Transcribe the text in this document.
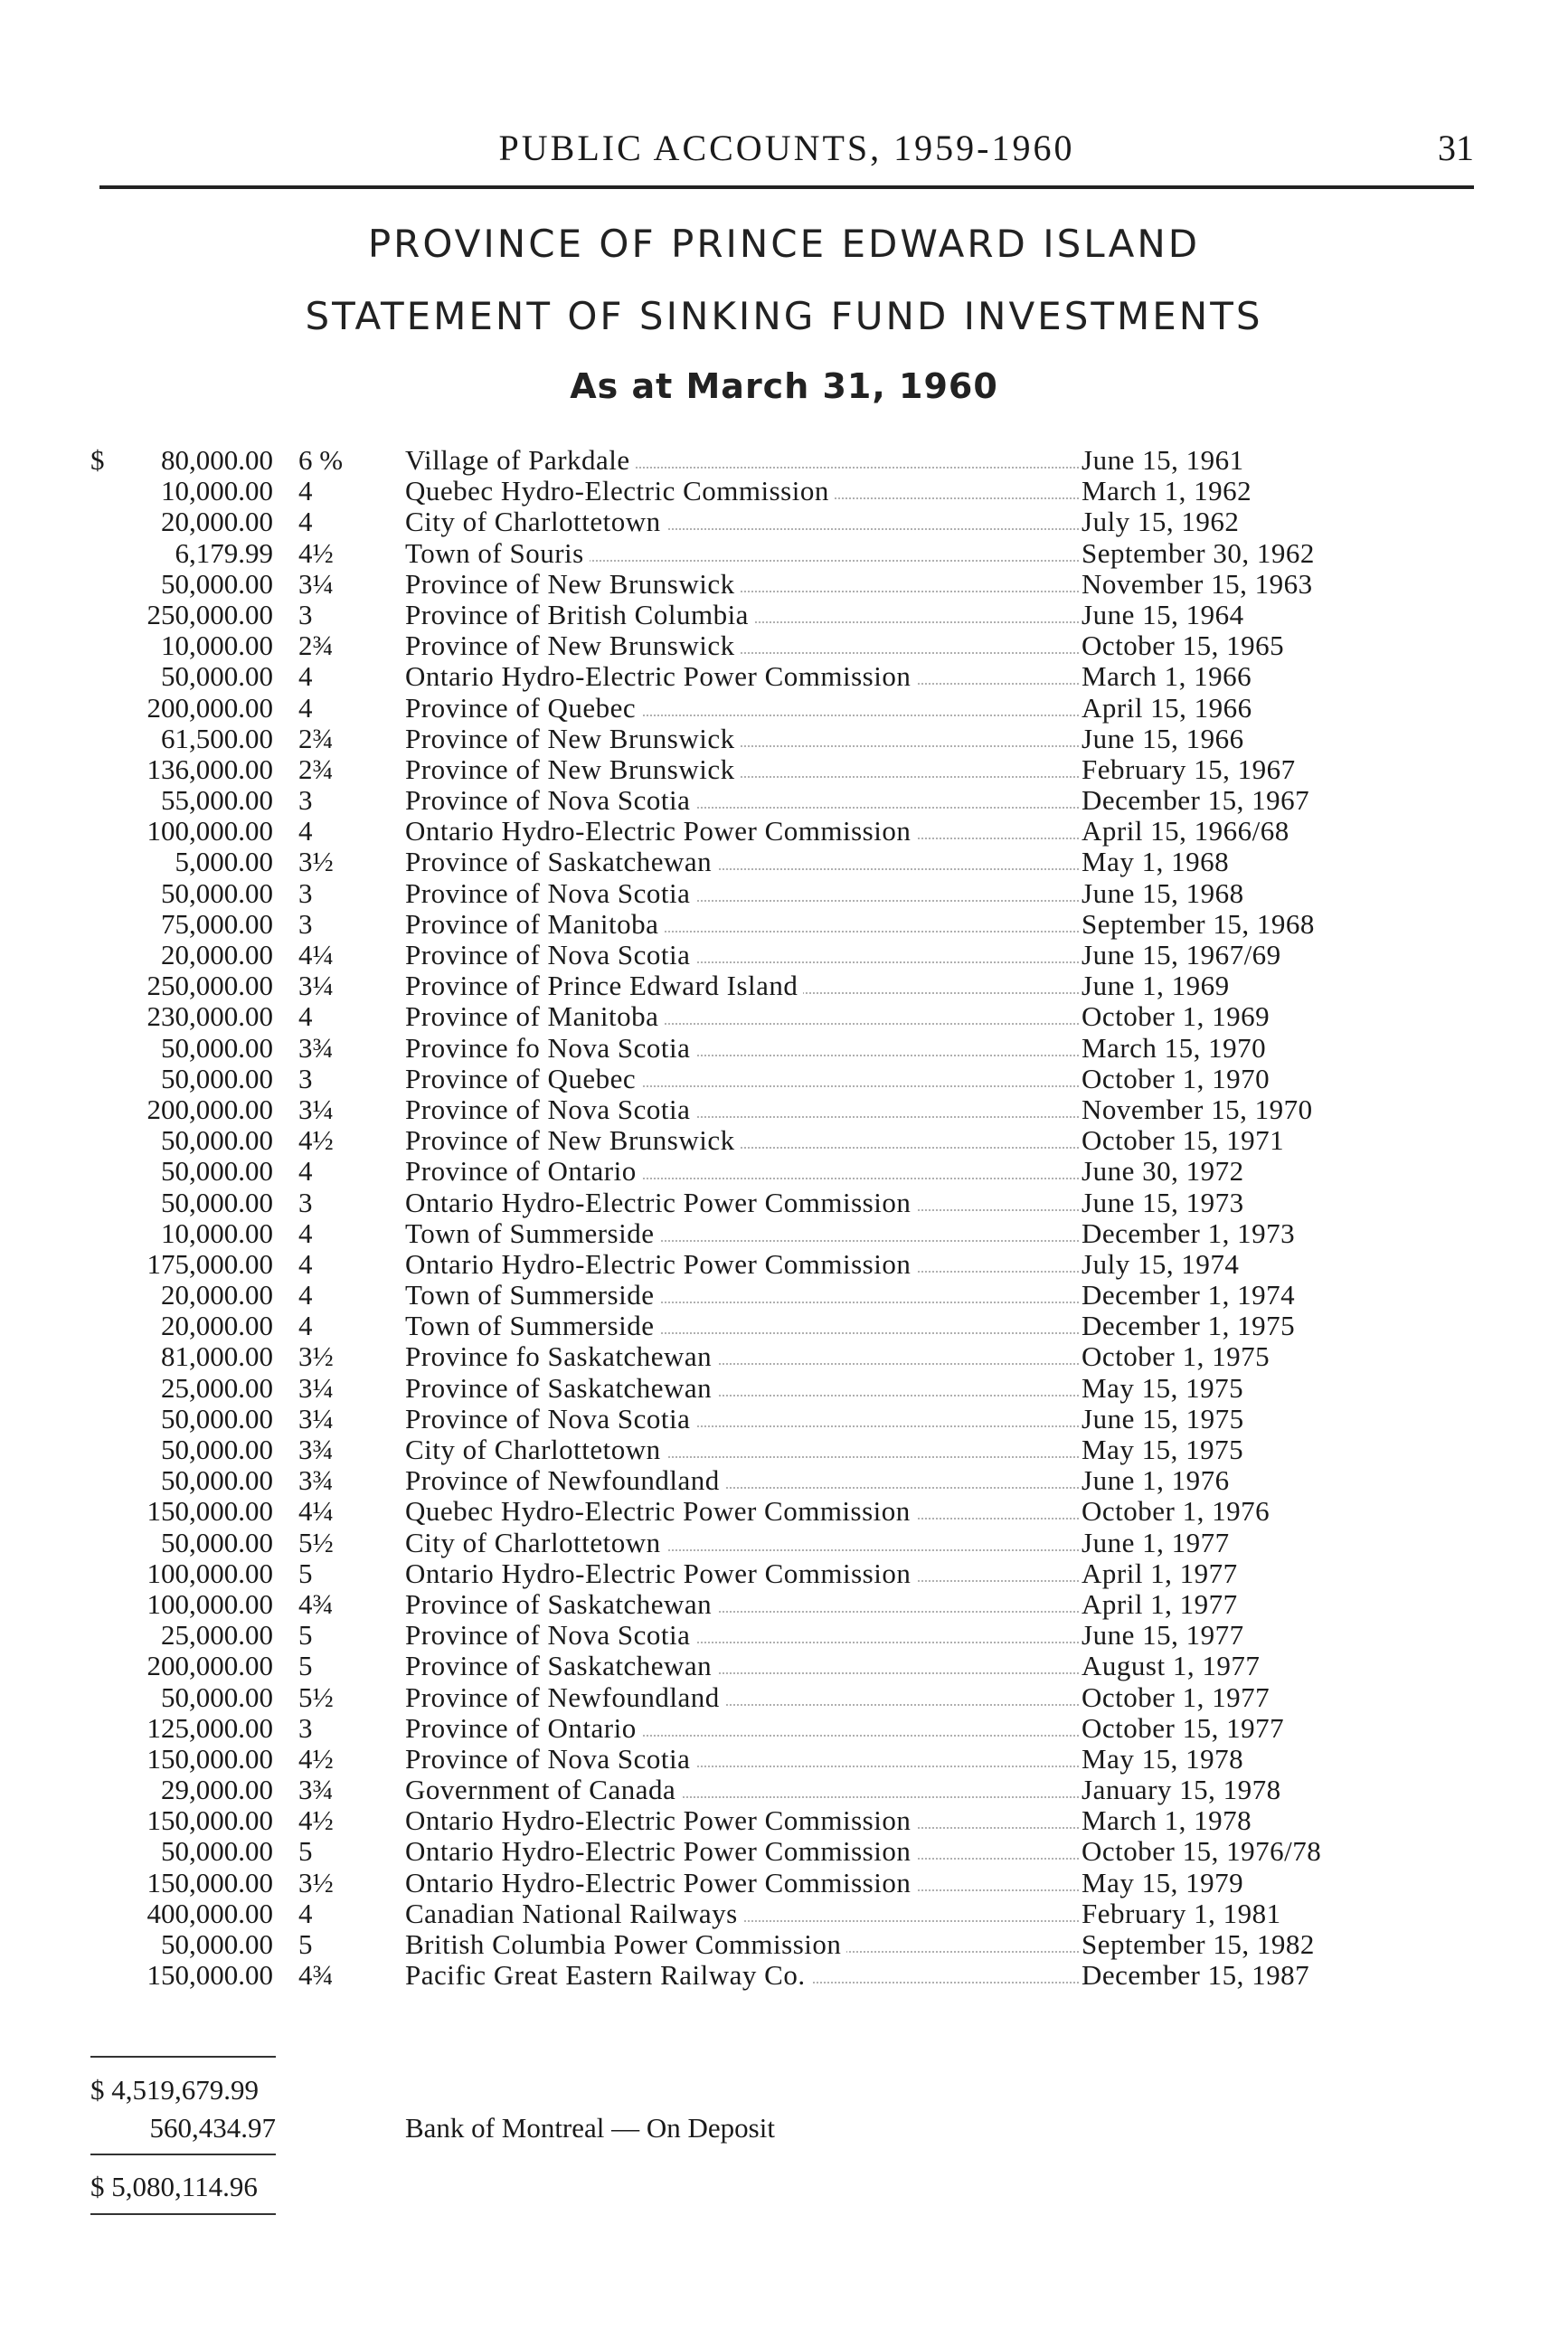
PUBLIC ACCOUNTS, 1959-1960	31
PROVINCE OF PRINCE EDWARD ISLAND
STATEMENT OF SINKING FUND INVESTMENTS
As at March 31, 1960
$ 80,000.00 6 % Village of Parkdale	June 15, 1961
10,000.00 4	Quebec Hydro-Electric Commission	March 1, 1962
20,000.00 4	City of Charlottetown	July 15, 1962
6,179.99 4½	Town of Souris	September 30, 1962
50,000.00 3¼	Province of New Brunswick	November 15, 1963
250,000.00 3	Province of British Columbia	June 15, 1964
10,000.00 2¾	Province of New Brunswick	October 15, 1965
50,000.00 4	Ontario Hydro-Electric Power Commission	March 1, 1966
200,000.00 4	Province of Quebec	April 15, 1966
61,500.00 2¾	Province of New Brunswick	June 15, 1966
136,000.00 2¾	Province of New Brunswick	February 15, 1967
55,000.00 3	Province of Nova Scotia	December 15, 1967
100,000.00 4	Ontario Hydro-Electric Power Commission	April 15, 1966/68
5,000.00 3½	Province of Saskatchewan	May 1, 1968
50,000.00 3	Province of Nova Scotia	June 15, 1968
75,000.00 3	Province of Manitoba	September 15, 1968
20,000.00 4¼	Province of Nova Scotia	June 15, 1967/69
250,000.00 3¼	Province of Prince Edward Island	June 1, 1969
230,000.00 4	Province of Manitoba	October 1, 1969
50,000.00 3¾	Province fo Nova Scotia	March 15, 1970
50,000.00 3	Province of Quebec	October 1, 1970
200,000.00 3¼	Province of Nova Scotia	November 15, 1970
50,000.00 4½	Province of New Brunswick	October 15, 1971
50,000.00 4	Province of Ontario	June 30, 1972
50,000.00 3	Ontario Hydro-Electric Power Commission	June 15, 1973
10,000.00 4	Town of Summerside	December 1, 1973
175,000.00 4	Ontario Hydro-Electric Power Commission	July 15, 1974
20,000.00 4	Town of Summerside	December 1, 1974
20,000.00 4	Town of Summerside	December 1, 1975
81,000.00 3½	Province fo Saskatchewan	October 1, 1975
25,000.00 3¼	Province of Saskatchewan	May 15, 1975
50,000.00 3¼	Province of Nova Scotia	June 15, 1975
50,000.00 3¾	City of Charlottetown	May 15, 1975
50,000.00 3¾	Province of Newfoundland	June 1, 1976
150,000.00 4¼	Quebec Hydro-Electric Power Commission	October 1, 1976
50,000.00 5½	City of Charlottetown	June 1, 1977
100,000.00 5	Ontario Hydro-Electric Power Commission	April 1, 1977
100,000.00 4¾	Province of Saskatchewan	April 1, 1977
25,000.00 5	Province of Nova Scotia	June 15, 1977
200,000.00 5	Province of Saskatchewan	August 1, 1977
50,000.00 5½	Province of Newfoundland	October 1, 1977
125,000.00 3	Province of Ontario	October 15, 1977
150,000.00 4½	Province of Nova Scotia	May 15, 1978
29,000.00 3¾	Government of Canada	January 15, 1978
150,000.00 4½	Ontario Hydro-Electric Power Commission	March 1, 1978
50,000.00 5	Ontario Hydro-Electric Power Commission	October 15, 1976/78
150,000.00 3½	Ontario Hydro-Electric Power Commission	May 15, 1979
400,000.00 4	Canadian National Railways	February 1, 1981
50,000.00 5	British Columbia Power Commission	September 15, 1982
150,000.00 4¾	Pacific Great Eastern Railway Co.	December 15, 1987
$ 4,519,679.99
560,434.97	Bank of Montreal — On Deposit
$ 5,080,114.96
